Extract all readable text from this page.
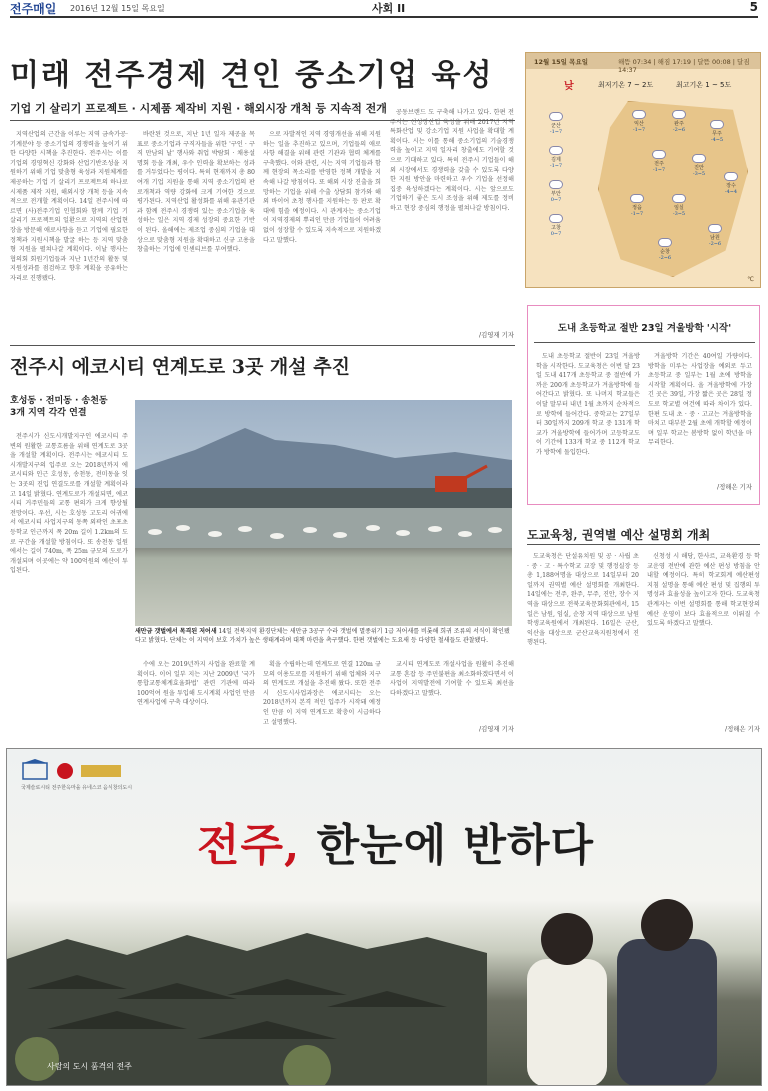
전주매일 2016년 12월 15일 목요일	사회 II	5
미래 전주경제 견인 중소기업 육성
기업 기 살리기 프로젝트 · 시제품 제작비 지원 · 해외시장 개척 등 지속적 전개

지역산업의 근간을 이루는 지역 금속가공·기계분야 등 중소기업의 경쟁력을 높이기 위한 다양한 시책을 추진한다. 전주시는 이를 기업의 경영혁신 강화와 산업기반조성을 지원하기 위해 기업 맞춤형 육성과 지원체계를 제공하는 기업 기 살리기 프로젝트의 하나로 시제품 제작 지원, 해외시장 개척 등을 지속적으로 전개할 계획이다. 14일 전주시에 따르면 (사)전주기업 인협회와 함께 기업 기 살리기 프로젝트의 일환으로 지역의 산업현장을 방문해 애로사항을 듣고 기업에 필요한 정책과 지원시책을 발굴 하는 등 지역 맞춤형 지원을 펼쳐나갈 계획이다. 이날 행사는 협의회 회원기업들과 지난 1년간의 활동 및 지원성과를 점검하고 향후 계획을 공유하는 자리로 진행됐다.

바란된 것으로, 지난 1년 일자 제공을 목표로 중소기업과 구직자들을 위한 '구인 · 구직 만남의 날' 행사와 취업 박람회 · 채용설명회 등을 개최, 우수 인력을 확보하는 성과를 거두었다는 평이다. 특히 현재까지 총 80여개 기업 지원을 통해 지역 중소기업의 판로개척과 역량 강화에 크게 기여한 것으로 평가된다. 지역산업 활성화를 위해 유관기관과 함께 전주시 경쟁력 있는 중소기업을 육성하는 일은 지역 경제 성장의 중요한 기반이 된다. 올해에는 제조업 중심의 기업을 대상으로 맞춤형 지원을 확대하고 신규 고용을 창출하는 기업에 인센티브를 부여했다.

으로 자발적인 지역 경영개선을 위해 지원하는 일을 추진하고 있으며, 기업들의 애로사항 해결을 위해 관련 기관과 협력 체계를 구축했다. 이와 관련, 시는 지역 기업들과 함께 현장의 목소리를 반영한 정책 개발을 지속해 나갈 방침이다. 또 해외 시장 진출을 희망하는 기업을 위해 수출 상담회 참가와 해외 바이어 초청 행사를 지원하는 등 판로 확대에 힘쓸 예정이다. 시 관계자는 중소기업이 지역경제의 뿌리인 만큼 기업들이 어려움 없이 성장할 수 있도록 지속적으로 지원하겠다고 말했다.

공동브랜드 도 구축해 나가고 있다. 한편 전주시는 신성장산업 육성을 위해 2017년 지역특화산업 및 강소기업 지원 사업을 확대할 계획이다. 시는 이를 통해 중소기업의 기술경쟁력을 높이고 지역 일자리 창출에도 기여할 것으로 기대하고 있다. 특히 전주시 기업들이 해외 시장에서도 경쟁력을 갖출 수 있도록 다양한 지원 방안을 마련하고 우수 기업을 선정해 집중 육성하겠다는 계획이다. 시는 앞으로도 기업하기 좋은 도시 조성을 위해 제도를 정비하고 현장 중심의 행정을 펼쳐나갈 방침이다.

/김영재 기자
12월 15일 목요일	해뜸 07:34 | 해짐 17:19 | 달뜸 00:08 | 달짐 14:37
낮	최저기온 7 ~ 2도	최고기온 1 ~ 5도
군산
-1~7
김제
-1~7
부안
0~7
고창
0~7
익산
-1~7
완주
-2~6
무주
-4~5
전주
-1~7	진안
-3~5
장수
-4~4
정읍
-1~7
임실
-3~5
남원
-2~6
순창
-2~6
℃
도내 초등학교 절반 23일 겨울방학 '시작'

도내 초등학교 절반이 23일 겨울방학을 시작한다. 도교육청은 이번 달 23일 도내 417개 초등학교 중 절반에 가까운 200개 초등학교가 겨울방학에 들어간다고 밝혔다. 또 나머지 학교들은 이달 말부터 내년 1월 초까지 순차적으로 방학에 들어간다. 중학교는 27일부터 30일까지 209개 학교 중 131개 학교가 겨울방학에 들어가며 고등학교도 이 기간에 133개 학교 중 112개 학교가 방학에 돌입한다.

겨울방학 기간은 40여일 가량이다. 방학을 미루는 사업장을 예외로 두고 초등학교 중 일부는 1월 초에 방학을 시작할 계획이다. 올 겨울방학에 가장 긴 곳은 39일, 가장 짧은 곳은 28일 정도로 학교별 여건에 따라 차이가 있다. 한편 도내 초 · 중 · 고교는 겨울방학을 마치고 대부분 2월 초에 개학할 예정이며 일부 학교는 봄방학 없이 학년을 마무리한다.

/정해은 기자
전주시 에코시티 연계도로 3곳 개설 추진
호성동 · 전미동 · 송천동
3개 지역 각각 연결

전주시가 신도시개발지구인 에코시티 주변의 원활한 교통흐름을 위해 연계도로 3곳을 개설할 계획이다. 전주시는 에코시티 도시개발지구의 입주로 오는 2018년까지 에코시티와 인근 호성동, 송천동, 전미동을 잇는 3곳의 진입 연결도로를 개설할 계획이라고 14일 밝혔다. 연계도로가 개설되면, 에코시티 거주민들의 교통 편의가 크게 향상될 전망이다. 우선, 시는 호성동 고도리 어귀에서 에코시티 사업지구의 동쪽 외곽인 초포초등학교 인근까지 폭 20m 길이 1.2km의 도로 구간을 개설할 방침이다. 또 송천동 일원에서는 길이 740m, 폭 25m 규모의 도로가 개설되며 이곳에는 약 100억원의 예산이 투입된다.

새만금 갯벌에서 목격된 저어새 14일 전북지역 환경단체는 새만금 3공구 수라 갯벌에 멸종위기 1급 저어새를 비롯해 희귀 조류의 서식이 확인됐다고 밝혔다. 단체는 이 지역이 보호 가치가 높은 생태계라며 대책 마련을 촉구했다. 한편 갯벌에는 도요새 등 다양한 철새들도 관찰됐다.

수에 오는 2019년까지 사업을 완료할 계획이다. 이어 일부 지는 지난 2009년 '국가통합교통체계효율화법' 관련 기관에 따라 100억여 원을 투입해 도시계획 사업인 만큼 연계사업에 구축 대상이다.

획을 수립하는데 연계도로 연결 120m 규모의 이용도로를 지원하기 위해 업체와 지구의 연계도로 개설을 추진해 왔다. 또한 전주시 신도시사업과장은 에코시티는 오는 2018년까지 본격 적인 입주가 시작돼 예정인 만큼 이 지역 연계도로 확충이 시급하다고 설명했다.

교시티 연계도로 개설사업을 원활히 추진해 교통 혼잡 등 주민불편을 최소화하겠다면서 이 사업이 지역발전에 기여할 수 있도록 최선을 다하겠다고 말했다.

/김영재 기자
도교육청, 권역별 예산 설명회 개최

도교육청은 단설유치원 및 공 · 사립 초 · 중 · 고 · 특수학교 교장 및 행정실장 등 총 1,188여명을 대상으로 14일부터 20일까지 권역별 예산 설명회를 개최한다. 14일에는 전주, 완주, 무주, 진안, 장수 지역을 대상으로 전북교육문화회관에서, 15일은 남원, 임실, 순창 지역 대상으로 남원학생교육원에서 개최된다. 16일은 군산, 익산을 대상으로 군산교육지원청에서 진행된다.

신청성 시 해당, 한사르, 교육환경 등 학교운영 전반에 관한 예산 편성 방침을 안내할 예정이다. 특히 학교회계 예산편성 지침 설명을 통해 예산 편성 및 집행의 투명성과 효율성을 높이고자 한다. 도교육청 관계자는 이번 설명회를 통해 학교현장의 예산 운영이 보다 효율적으로 이뤄질 수 있도록 하겠다고 말했다.

/정해은 기자
국제슬로시티 전주한옥마을 유네스코 음식창의도시
전주, 한눈에 반하다
사람의 도시 품격의 전주
